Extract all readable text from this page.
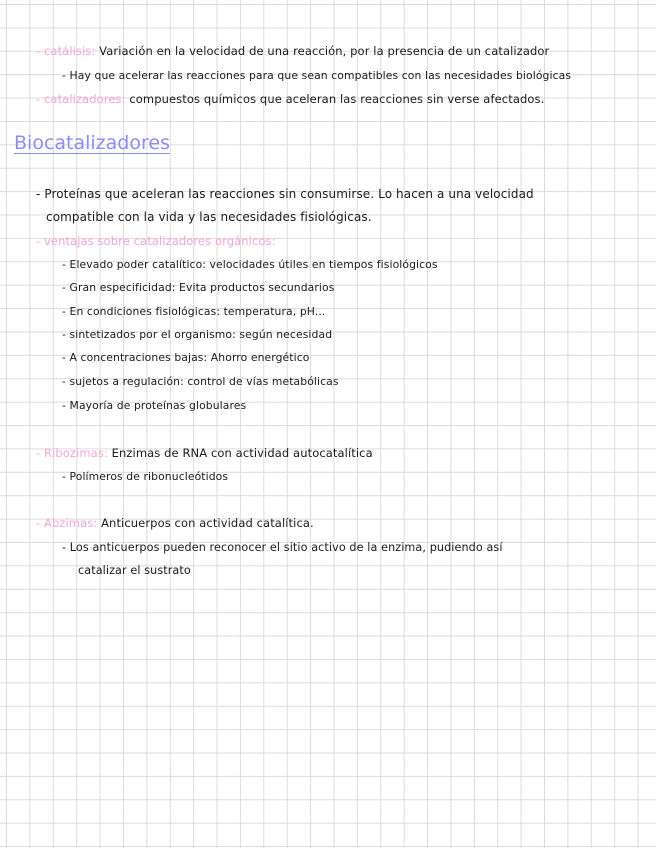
- catálisis: Variación en la velocidad de una reacción, por la presencia de un catalizador
- Hay que acelerar las reacciones para que sean compatibles con las necesidades biológicas
- catalizadores: compuestos químicos que aceleran las reacciones sin verse afectados.
Biocatalizadores
- Proteínas que aceleran las reacciones sin consumirse. Lo hacen a una velocidad
compatible con la vida y las necesidades fisiológicas.
- ventajas sobre catalizadores orgánicos:
- Elevado poder catalítico: velocidades útiles en tiempos fisiológicos
- Gran especificidad: Evita productos secundarios
- En condiciones fisiológicas: temperatura, pH...
- sintetizados por el organismo: según necesidad
- A concentraciones bajas: Ahorro energético
- sujetos a regulación: control de vías metabólicas
- Mayoría de proteínas globulares
- Ribozimas: Enzimas de RNA con actividad autocatalítica
- Polímeros de ribonucleótidos
- Abzimas: Anticuerpos con actividad catalítica.
- Los anticuerpos pueden reconocer el sitio activo de la enzima, pudiendo así
catalizar el sustrato
